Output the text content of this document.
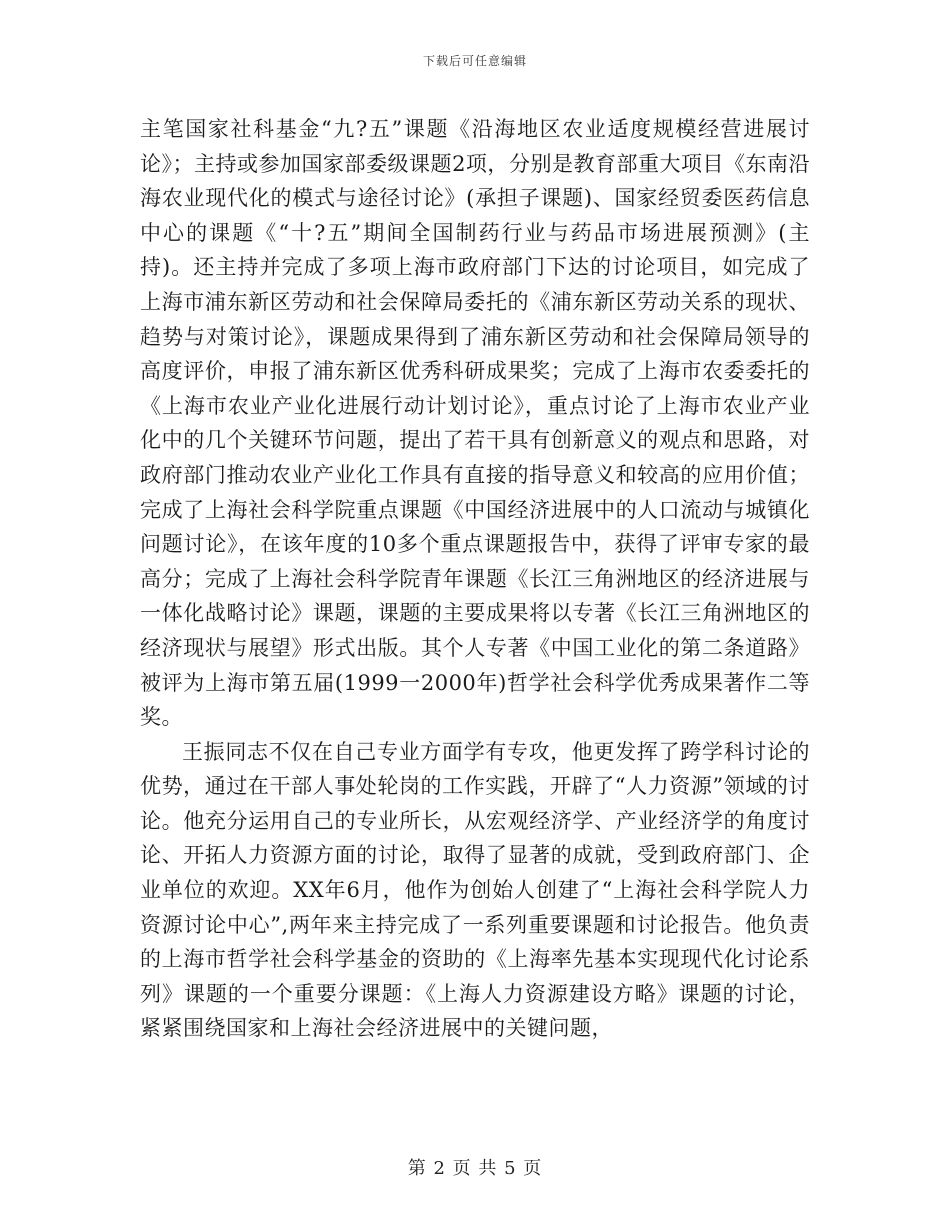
下载后可任意编辑

主笔国家社科基金“九?五”课题《沿海地区农业适度规模经营进展讨论》；主持或参加国家部委级课题2项，分别是教育部重大项目《东南沿海农业现代化的模式与途径讨论》(承担子课题)、国家经贸委医药信息中心的课题《“十?五”期间全国制药行业与药品市场进展预测》(主持)。还主持并完成了多项上海市政府部门下达的讨论项目，如完成了上海市浦东新区劳动和社会保障局委托的《浦东新区劳动关系的现状、趋势与对策讨论》，课题成果得到了浦东新区劳动和社会保障局领导的高度评价，申报了浦东新区优秀科研成果奖；完成了上海市农委委托的《上海市农业产业化进展行动计划讨论》，重点讨论了上海市农业产业化中的几个关键环节问题，提出了若干具有创新意义的观点和思路，对政府部门推动农业产业化工作具有直接的指导意义和较高的应用价值；完成了上海社会科学院重点课题《中国经济进展中的人口流动与城镇化问题讨论》，在该年度的10多个重点课题报告中，获得了评审专家的最高分；完成了上海社会科学院青年课题《长江三角洲地区的经济进展与一体化战略讨论》课题，课题的主要成果将以专著《长江三角洲地区的经济现状与展望》形式出版。其个人专著《中国工业化的第二条道路》被评为上海市第五届(1999一2000年)哲学社会科学优秀成果著作二等奖。

王振同志不仅在自己专业方面学有专攻，他更发挥了跨学科讨论的优势，通过在干部人事处轮岗的工作实践，开辟了“人力资源”领域的讨论。他充分运用自己的专业所长，从宏观经济学、产业经济学的角度讨论、开拓人力资源方面的讨论，取得了显著的成就，受到政府部门、企业单位的欢迎。XX年6月，他作为创始人创建了“上海社会科学院人力资源讨论中心”,两年来主持完成了一系列重要课题和讨论报告。他负责的上海市哲学社会科学基金的资助的《上海率先基本实现现代化讨论系列》课题的一个重要分课题：《上海人力资源建设方略》课题的讨论，紧紧围绕国家和上海社会经济进展中的关键问题，

第 2 页 共 5 页
